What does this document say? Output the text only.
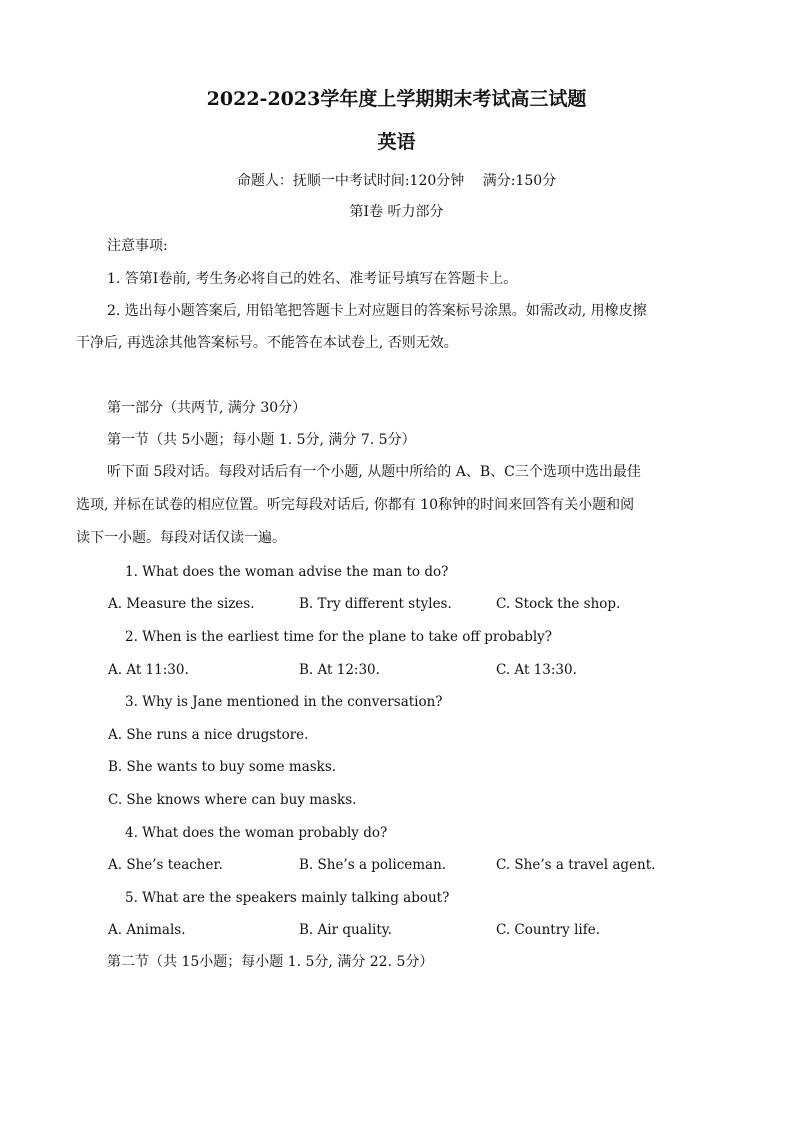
2022-2023学年度上学期期末考试高三试题
英语
命题人：抚顺一中考试时间:120分钟　 满分:150分
第I卷 听力部分
注意事项:
1. 答第I卷前, 考生务必将自己的姓名、准考证号填写在答题卡上。
2. 选出每小题答案后, 用铅笔把答题卡上对应题目的答案标号涂黑。如需改动, 用橡皮擦
干净后, 再选涂其他答案标号。不能答在本试卷上, 否则无效。
第一部分（共两节, 满分 30分）
第一节（共 5小题；每小题 1. 5分, 满分 7. 5分）
听下面 5段对话。每段对话后有一个小题, 从题中所给的 A、B、C三个选项中选出最佳
选项, 并标在试卷的相应位置。听完每段对话后, 你都有 10称钟的时间来回答有关小题和阅
读下一小题。每段对话仅读一遍。
1. What does the woman advise the man to do?
A. Measure the sizes.	B. Try different styles.	C. Stock the shop.
2. When is the earliest time for the plane to take off probably?
A. At 11:30.	B. At 12:30.	C. At 13:30.
3. Why is Jane mentioned in the conversation?
A. She runs a nice drugstore.
B. She wants to buy some masks.
C. She knows where can buy masks.
4. What does the woman probably do?
A. She’s teacher.	B. She’s a policeman.	C. She’s a travel agent.
5. What are the speakers mainly talking about?
A. Animals.	B. Air quality.	C. Country life.
第二节（共 15小题；每小题 1. 5分, 满分 22. 5分）
